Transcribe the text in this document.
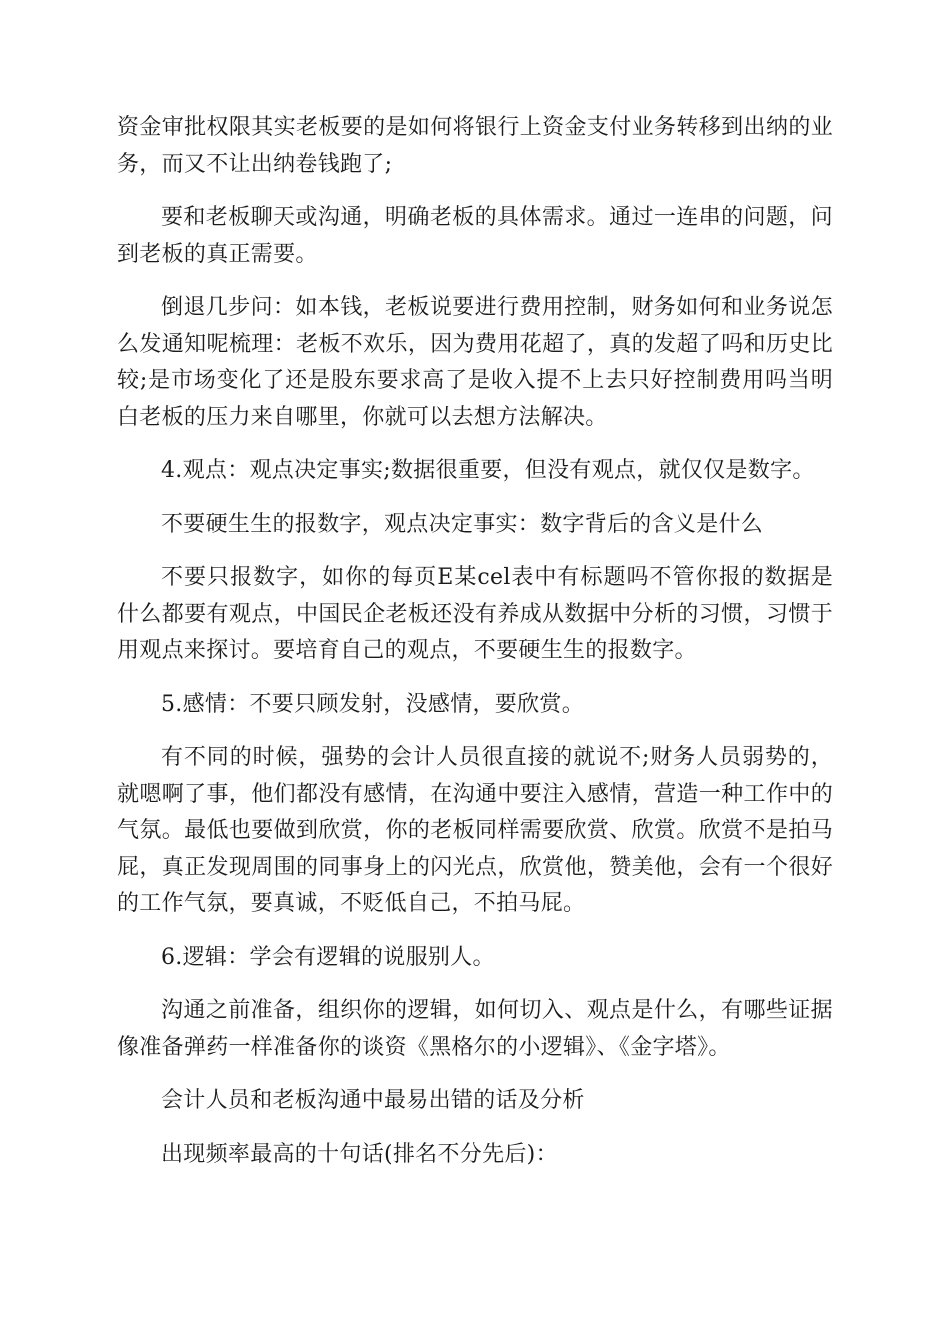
资金审批权限其实老板要的是如何将银行上资金支付业务转移到出纳的业务，而又不让出纳卷钱跑了;

要和老板聊天或沟通，明确老板的具体需求。通过一连串的问题，问到老板的真正需要。

倒退几步问：如本钱，老板说要进行费用控制，财务如何和业务说怎么发通知呢梳理：老板不欢乐，因为费用花超了，真的发超了吗和历史比较;是市场变化了还是股东要求高了是收入提不上去只好控制费用吗当明白老板的压力来自哪里，你就可以去想方法解决。

4.观点：观点决定事实;数据很重要，但没有观点，就仅仅是数字。

不要硬生生的报数字，观点决定事实：数字背后的含义是什么

不要只报数字，如你的每页E某cel表中有标题吗不管你报的数据是什么都要有观点，中国民企老板还没有养成从数据中分析的习惯，习惯于用观点来探讨。要培育自己的观点，不要硬生生的报数字。

5.感情：不要只顾发射，没感情，要欣赏。

有不同的时候，强势的会计人员很直接的就说不;财务人员弱势的，就嗯啊了事，他们都没有感情，在沟通中要注入感情，营造一种工作中的气氛。最低也要做到欣赏，你的老板同样需要欣赏、欣赏。欣赏不是拍马屁，真正发现周围的同事身上的闪光点，欣赏他，赞美他，会有一个很好的工作气氛，要真诚，不贬低自己，不拍马屁。

6.逻辑：学会有逻辑的说服别人。

沟通之前准备，组织你的逻辑，如何切入、观点是什么，有哪些证据像准备弹药一样准备你的谈资《黑格尔的小逻辑》、《金字塔》。

会计人员和老板沟通中最易出错的话及分析

出现频率最高的十句话(排名不分先后)：
